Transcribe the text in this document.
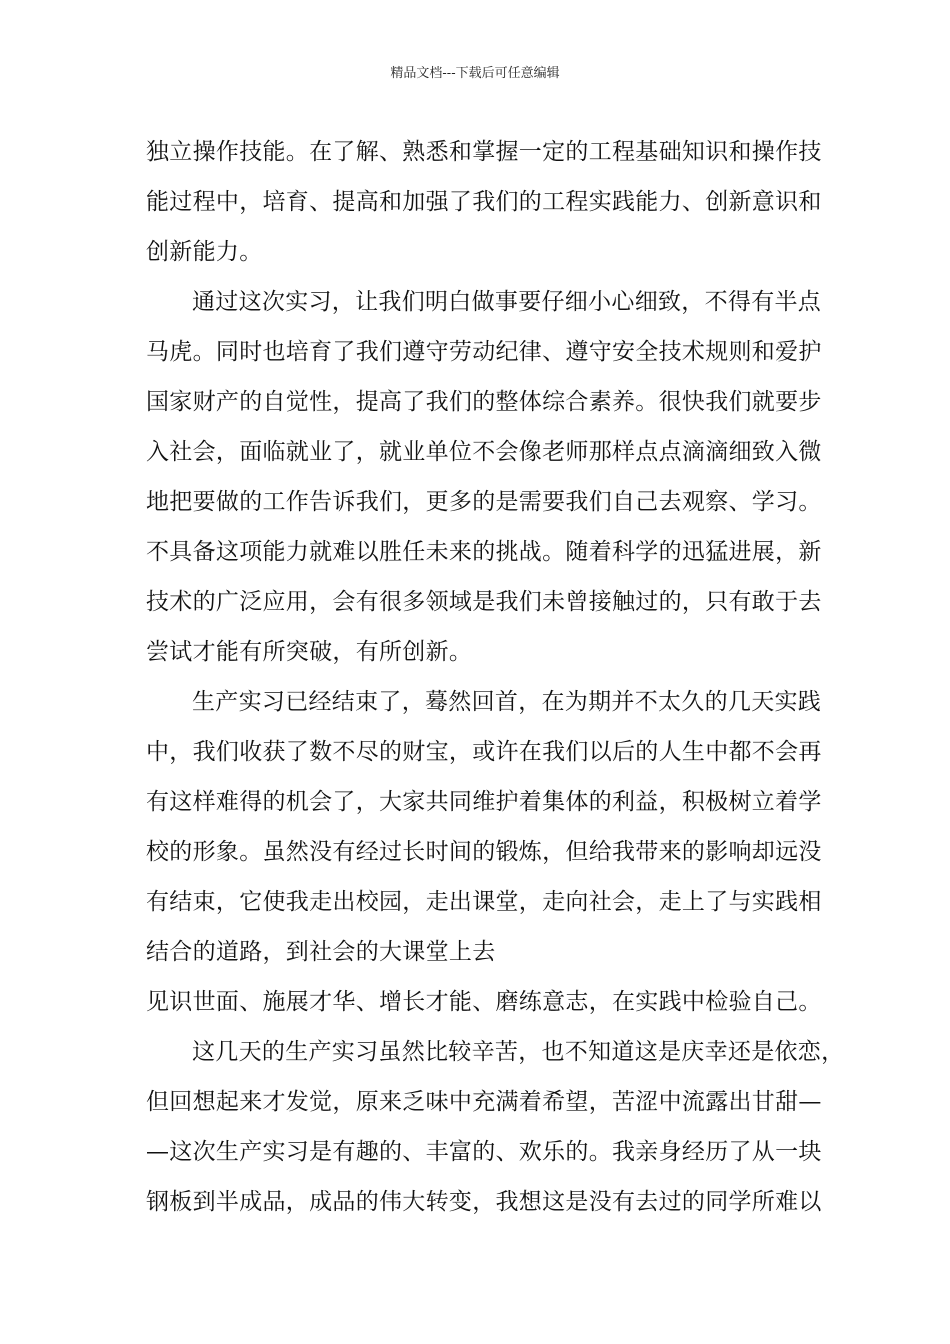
精品文档---下载后可任意编辑
独立操作技能。在了解、熟悉和掌握一定的工程基础知识和操作技
能过程中，培育、提高和加强了我们的工程实践能力、创新意识和
创新能力。
通过这次实习，让我们明白做事要仔细小心细致，不得有半点
马虎。同时也培育了我们遵守劳动纪律、遵守安全技术规则和爱护
国家财产的自觉性，提高了我们的整体综合素养。很快我们就要步
入社会，面临就业了，就业单位不会像老师那样点点滴滴细致入微
地把要做的工作告诉我们，更多的是需要我们自己去观察、学习。
不具备这项能力就难以胜任未来的挑战。随着科学的迅猛进展，新
技术的广泛应用，会有很多领域是我们未曾接触过的，只有敢于去
尝试才能有所突破，有所创新。
生产实习已经结束了，蓦然回首，在为期并不太久的几天实践
中，我们收获了数不尽的财宝，或许在我们以后的人生中都不会再
有这样难得的机会了，大家共同维护着集体的利益，积极树立着学
校的形象。虽然没有经过长时间的锻炼，但给我带来的影响却远没
有结束，它使我走出校园，走出课堂，走向社会，走上了与实践相
结合的道路，到社会的大课堂上去
见识世面、施展才华、增长才能、磨练意志，在实践中检验自己。
这几天的生产实习虽然比较辛苦，也不知道这是庆幸还是依恋，
但回想起来才发觉，原来乏味中充满着希望，苦涩中流露出甘甜—
—这次生产实习是有趣的、丰富的、欢乐的。我亲身经历了从一块
钢板到半成品，成品的伟大转变，我想这是没有去过的同学所难以
